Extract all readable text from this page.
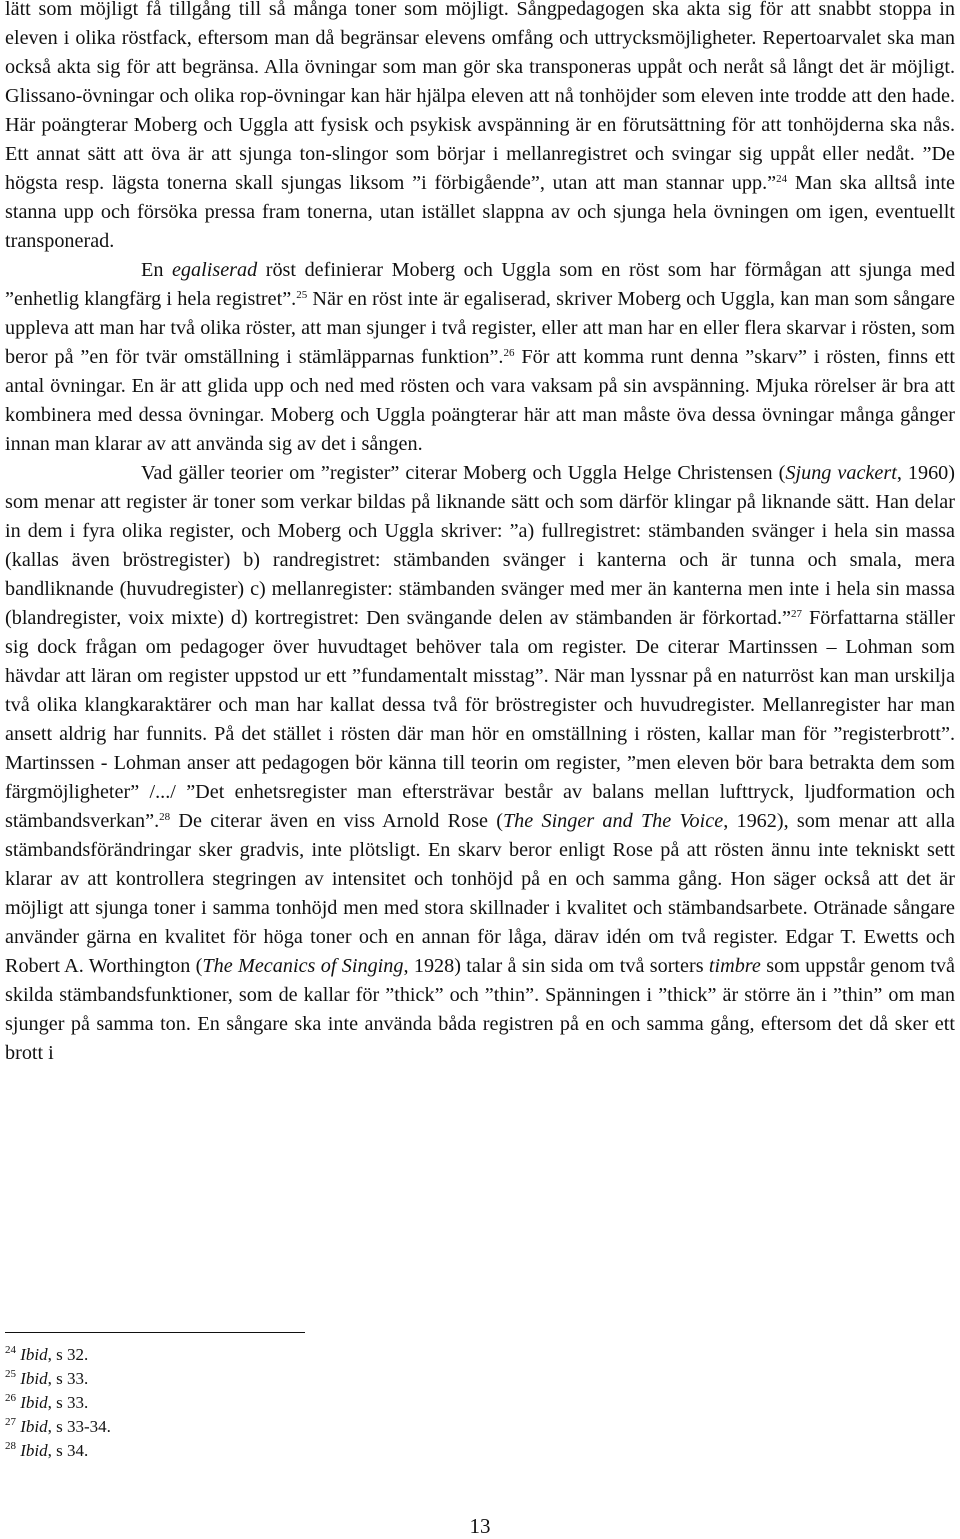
lätt som möjligt få tillgång till så många toner som möjligt. Sångpedagogen ska akta sig för att snabbt stoppa in eleven i olika röstfack, eftersom man då begränsar elevens omfång och uttrycksmöjligheter. Repertoarvalet ska man också akta sig för att begränsa. Alla övningar som man gör ska transponeras uppåt och neråt så långt det är möjligt. Glissano-övningar och olika rop-övningar kan här hjälpa eleven att nå tonhöjder som eleven inte trodde att den hade. Här poängterar Moberg och Uggla att fysisk och psykisk avspänning är en förutsättning för att tonhöjderna ska nås. Ett annat sätt att öva är att sjunga ton-slingor som börjar i mellanregistret och svingar sig uppåt eller nedåt. ”De högsta resp. lägsta tonerna skall sjungas liksom ”i förbigående”, utan att man stannar upp.”$^{24}$ Man ska alltså inte stanna upp och försöka pressa fram tonerna, utan istället slappna av och sjunga hela övningen om igen, eventuellt transponerad.

En egaliserad röst definierar Moberg och Uggla som en röst som har förmågan att sjunga med ”enhetlig klangfärg i hela registret”.$^{25}$ När en röst inte är egaliserad, skriver Moberg och Uggla, kan man som sångare uppleva att man har två olika röster, att man sjunger i två register, eller att man har en eller flera skarvar i rösten, som beror på ”en för tvär omställning i stämläpparnas funktion”.$^{26}$ För att komma runt denna ”skarv” i rösten, finns ett antal övningar. En är att glida upp och ned med rösten och vara vaksam på sin avspänning. Mjuka rörelser är bra att kombinera med dessa övningar. Moberg och Uggla poängterar här att man måste öva dessa övningar många gånger innan man klarar av att använda sig av det i sången.

Vad gäller teorier om ”register” citerar Moberg och Uggla Helge Christensen (Sjung vackert, 1960) som menar att register är toner som verkar bildas på liknande sätt och som därför klingar på liknande sätt. Han delar in dem i fyra olika register, och Moberg och Uggla skriver: ”a) fullregistret: stämbanden svänger i hela sin massa (kallas även bröstregister) b) randregistret: stämbanden svänger i kanterna och är tunna och smala, mera bandliknande (huvudregister) c) mellanregister: stämbanden svänger med mer än kanterna men inte i hela sin massa (blandregister, voix mixte) d) kortregistret: Den svängande delen av stämbanden är förkortad.”$^{27}$ Författarna ställer sig dock frågan om pedagoger över huvudtaget behöver tala om register. De citerar Martinssen – Lohman som hävdar att läran om register uppstod ur ett ”fundamentalt misstag”. När man lyssnar på en naturröst kan man urskilja två olika klangkaraktärer och man har kallat dessa två för bröstregister och huvudregister. Mellanregister har man ansett aldrig har funnits. På det stället i rösten där man hör en omställning i rösten, kallar man för ”registerbrott”. Martinssen - Lohman anser att pedagogen bör känna till teorin om register, ”men eleven bör bara betrakta dem som färgmöjligheter” /.../ ”Det enhetsregister man eftersträvar består av balans mellan lufttryck, ljudformation och stämbandsverkan”.$^{28}$ De citerar även en viss Arnold Rose (The Singer and The Voice, 1962), som menar att alla stämbandsförändringar sker gradvis, inte plötsligt. En skarv beror enligt Rose på att rösten ännu inte tekniskt sett klarar av att kontrollera stegringen av intensitet och tonhöjd på en och samma gång. Hon säger också att det är möjligt att sjunga toner i samma tonhöjd men med stora skillnader i kvalitet och stämbandsarbete. Otränade sångare använder gärna en kvalitet för höga toner och en annan för låga, därav idén om två register. Edgar T. Ewetts och Robert A. Worthington (The Mecanics of Singing, 1928) talar å sin sida om två sorters timbre som uppstår genom två skilda stämbandsfunktioner, som de kallar för ”thick” och ”thin”. Spänningen i ”thick” är större än i ”thin” om man sjunger på samma ton. En sångare ska inte använda båda registren på en och samma gång, eftersom det då sker ett brott i

$^{24}$ Ibid, s 32.

$^{25}$ Ibid, s 33.

$^{26}$ Ibid, s 33.

$^{27}$ Ibid, s 33-34.

$^{28}$ Ibid, s 34.

13
